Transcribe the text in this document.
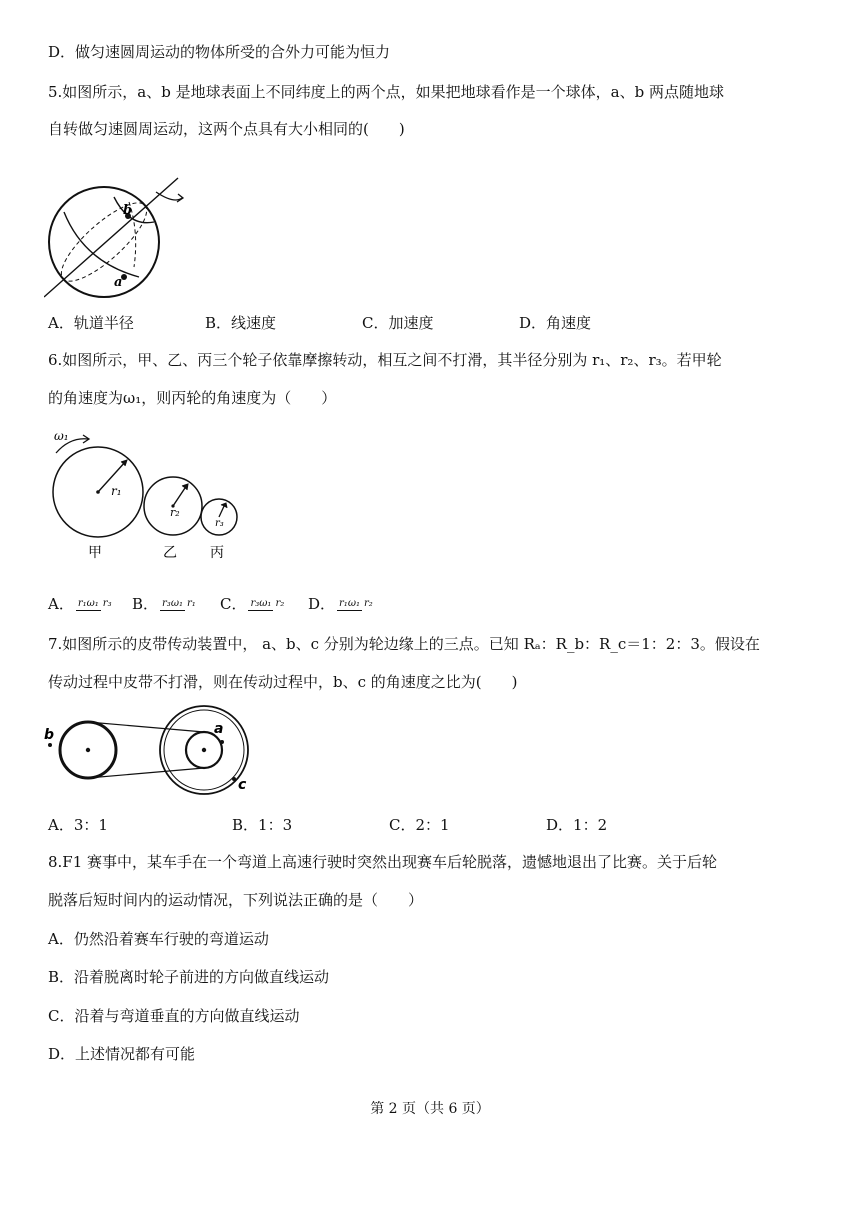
D．做匀速圆周运动的物体所受的合外力可能为恒力
5.如图所示，a、b 是地球表面上不同纬度上的两个点，如果把地球看作是一个球体，a、b 两点随地球
自转做匀速圆周运动，这两个点具有大小相同的(　　)
b
a
A．轨道半径	B．线速度	C．加速度	D．角速度
6.如图所示，甲、乙、丙三个轮子依靠摩擦转动，相互之间不打滑，其半径分别为 r₁、r₂、r₃。若甲轮
的角速度为ω₁，则丙轮的角速度为（　　）
ω₁
r₁
r₂
r₃
甲	乙 丙
A． r₁ω₁ r₃	B． r₃ω₁ r₁	C． r₃ω₁ r₂	D． r₁ω₁ r₂
7.如图所示的皮带传动装置中， a、b、c 分别为轮边缘上的三点。已知 Rₐ：R_b：R_c＝1：2：3。假设在
传动过程中皮带不打滑，则在传动过程中，b、c 的角速度之比为(　　)
b	a
c
A．3：1	B．1：3	C．2：1	D．1：2
8.F1 赛事中，某车手在一个弯道上高速行驶时突然出现赛车后轮脱落，遗憾地退出了比赛。关于后轮
脱落后短时间内的运动情况，下列说法正确的是（　　）
A．仍然沿着赛车行驶的弯道运动
B．沿着脱离时轮子前进的方向做直线运动
C．沿着与弯道垂直的方向做直线运动
D．上述情况都有可能
第 2 页（共 6 页）
